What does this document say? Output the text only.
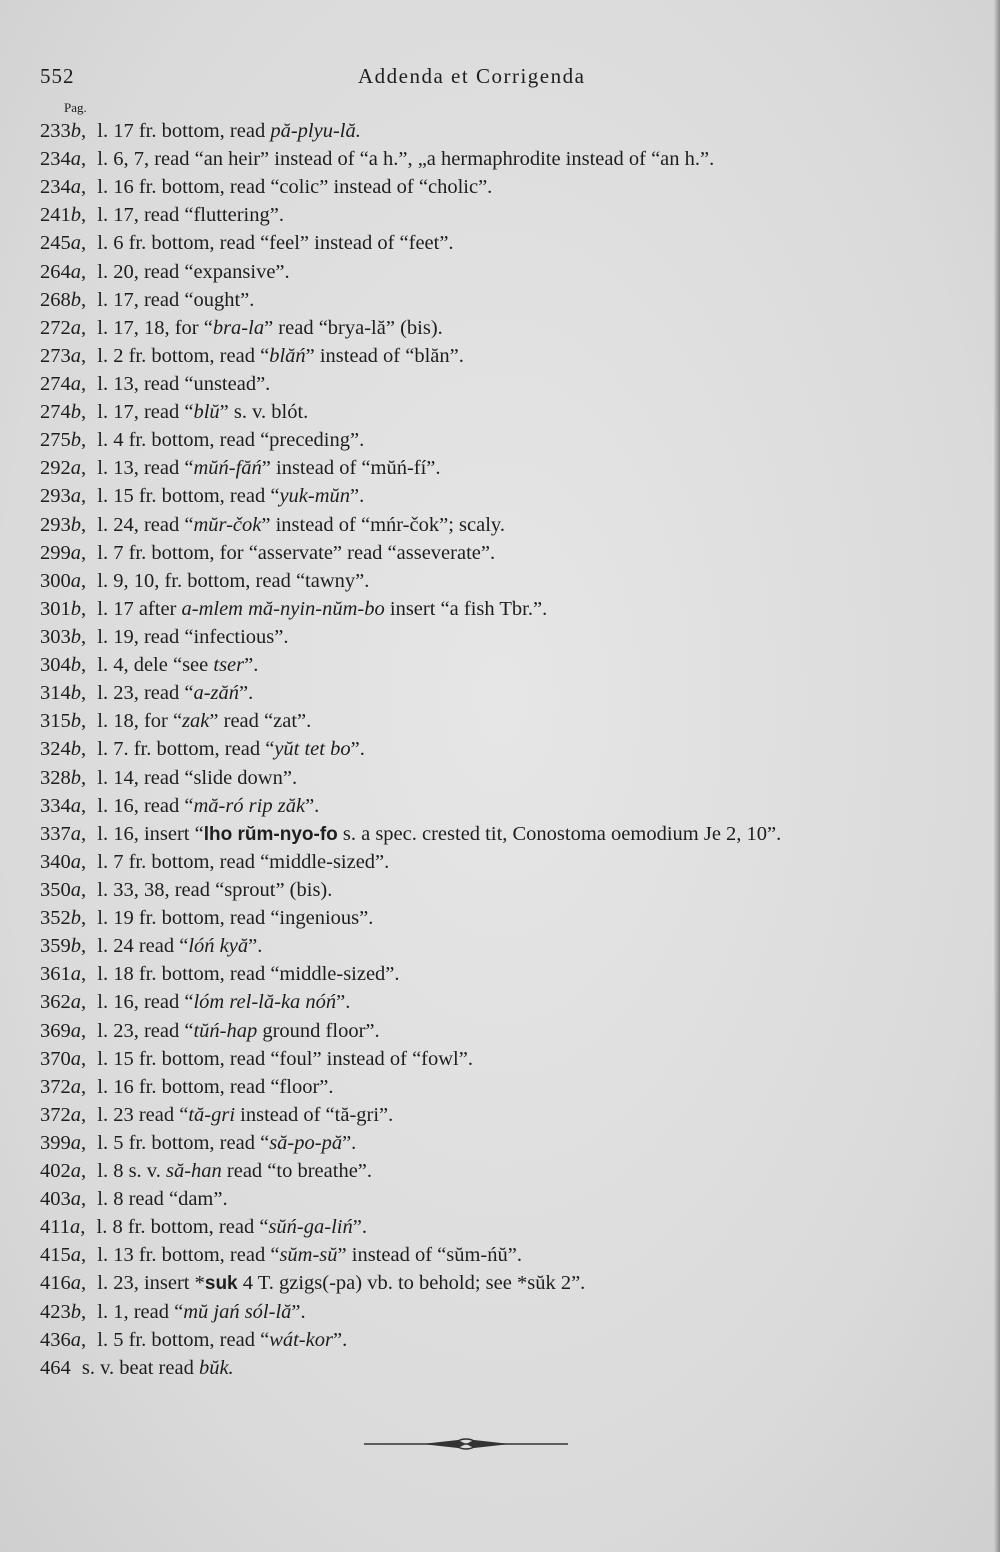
552	Addenda et Corrigenda
Pag.
233b, l. 17 fr. bottom, read pă-plyu-lă.
234a, l. 6, 7, read “an heir” instead of “a h.”, „a hermaphrodite instead of “an h.”.
234a, l. 16 fr. bottom, read “colic” instead of “cholic”.
241b, l. 17, read “fluttering”.
245a, l. 6 fr. bottom, read “feel” instead of “feet”.
264a, l. 20, read “expansive”.
268b, l. 17, read “ought”.
272a, l. 17, 18, for “bra-la” read “bryа-lă” (bis).
273a, l. 2 fr. bottom, read “blăń” instead of “blăn”.
274a, l. 13, read “unstead”.
274b, l. 17, read “blŭ” s. v. blót.
275b, l. 4 fr. bottom, read “preceding”.
292a, l. 13, read “mŭń-făń” instead of “mŭń-fí”.
293a, l. 15 fr. bottom, read “yuk-mŭn”.
293b, l. 24, read “mŭr-čok” instead of “mńr-čok”; scaly.
299a, l. 7 fr. bottom, for “asservate” read “asseverate”.
300a, l. 9, 10, fr. bottom, read “tawny”.
301b, l. 17 after a-mlem mă-nyin-nŭm-bo insert “a fish Tbr.”.
303b, l. 19, read “infectious”.
304b, l. 4, dele “see tser”.
314b, l. 23, read “a-zăń”.
315b, l. 18, for “zak” read “zat”.
324b, l. 7. fr. bottom, read “yŭt tet bo”.
328b, l. 14, read “slide down”.
334a, l. 16, read “mă-ró rip zăk”.
337a, l. 16, insert “lho rŭm-nyo-fo s. a spec. crested tit, Conostoma oemodium Je 2, 10”.
340a, l. 7 fr. bottom, read “middle-sized”.
350a, l. 33, 38, read “sprout” (bis).
352b, l. 19 fr. bottom, read “ingenious”.
359b, l. 24 read “lóń kyă”.
361a, l. 18 fr. bottom, read “middle-sized”.
362a, l. 16, read “lóm rel-lă-ka nóń”.
369a, l. 23, read “tŭń-hap ground floor”.
370a, l. 15 fr. bottom, read “foul” instead of “fowl”.
372a, l. 16 fr. bottom, read “floor”.
372a, l. 23 read “tă-gri instead of “tă-gri”.
399a, l. 5 fr. bottom, read “să-po-pă”.
402a, l. 8 s. v. să-han read “to breathe”.
403a, l. 8 read “dam”.
411a, l. 8 fr. bottom, read “sŭń-ga-liń”.
415a, l. 13 fr. bottom, read “sŭm-sŭ” instead of “sŭm-ńŭ”.
416a, l. 23, insert *suk 4 T. gzigs(-pa) vb. to behold; see *sŭk 2”.
423b, l. 1, read “mŭ jań sól-lă”.
436a, l. 5 fr. bottom, read “wát-kor”.
464 s. v. beat read bŭk.
